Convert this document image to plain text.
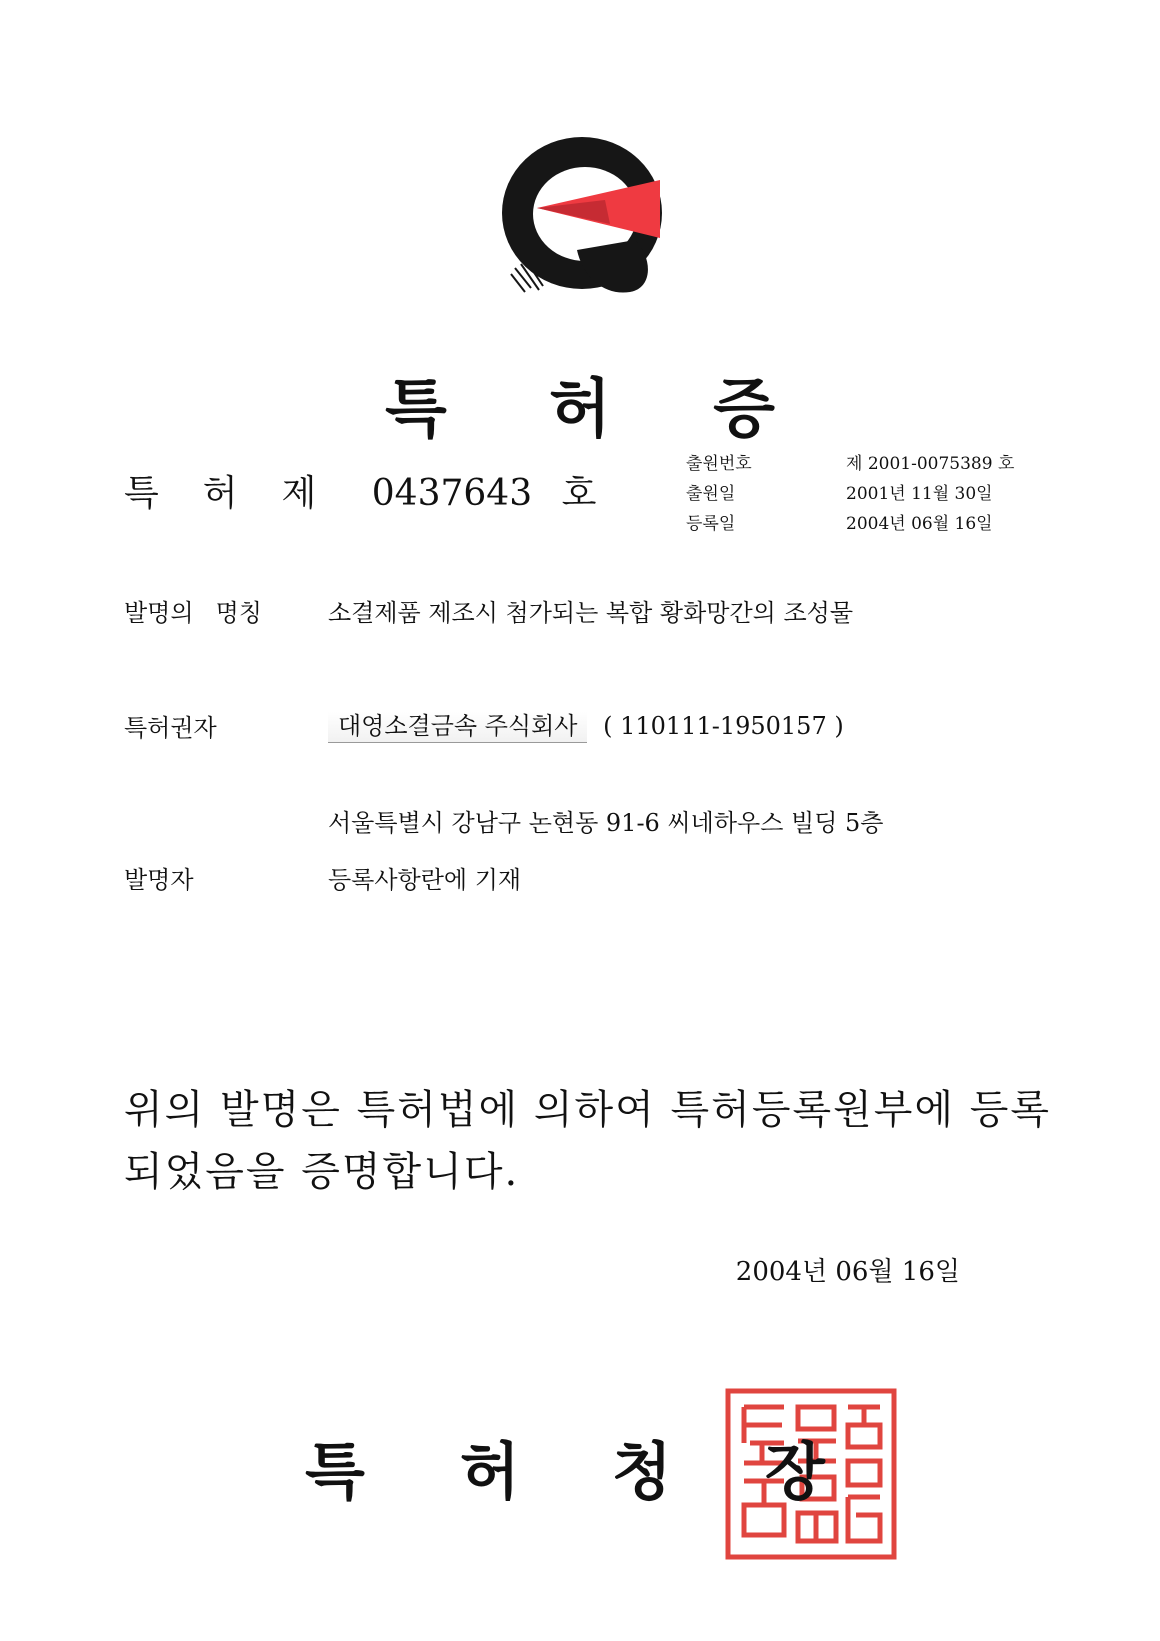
특 허 증
특허제 0437643 호
출원번호	제 2001-0075389 호
출원일	2001년 11월 30일
등록일	2004년 06월 16일
발명의 명칭	소결제품 제조시 첨가되는 복합 황화망간의 조성물
특허권자	대영소결금속 주식회사 ( 110111-1950157 )
서울특별시 강남구 논현동 91-6 씨네하우스 빌딩 5층
발명자	등록사항란에 기재
위의 발명은 특허법에 의하여 특허등록원부에 등록
되었음을 증명합니다.
2004년 06월 16일
특 허 청 장
